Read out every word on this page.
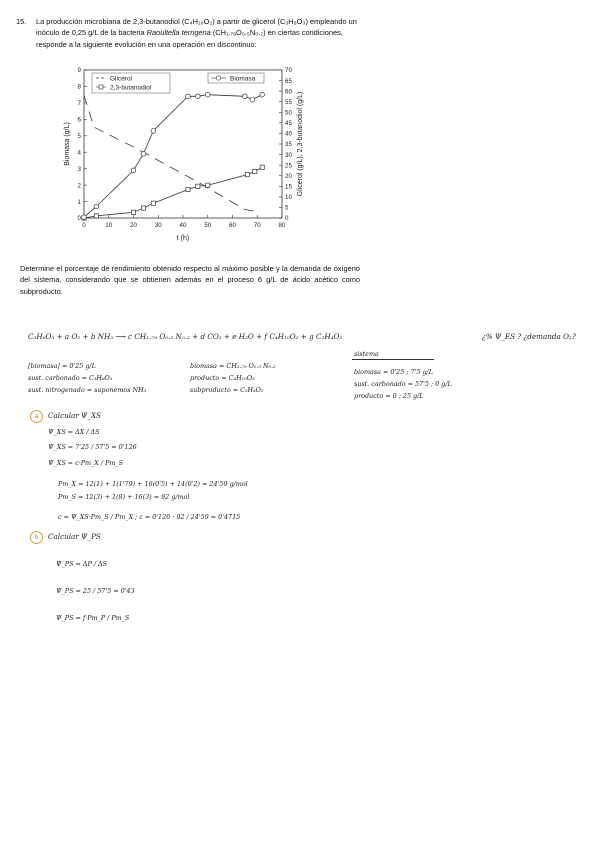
15. La producción microbiana de 2,3-butanodiol (C₄H₁₀O₂) a partir de glicerol (C₃H₈O₃) empleando un
inóculo de 0,25 g/L de la bacteria Raoultella terrigena (CH₁.₇₉O₀.₅N₀.₂) en ciertas condiciones,
responde a la siguiente evolución en una operación en discontinuo:
0	10	20	30	40	50	60	70	80
0
1
2
3
4
5
6
7
8
9
0
5
10
15
20
25
30
35
40
45
50
55
60
65
70
Glicerol
2,3-butanodiol
Biomasa
t (h)
Biomasa (g/L)	Glicerol (g/L), 2,3-butanodiol (g/L)
Determine el porcentaje de rendimiento obtenido respecto al máximo posible y la demanda de oxígeno del sistema, considerando que se obtienen además en el proceso 6 g/L de ácido acético como subproducto.
C₃H₈O₃ + a O₂ + b NH₃ ⟶ c CH₁.₇₉ O₀.₅ N₀.₂ + d CO₂ + e H₂O + f C₄H₁₀O₂ + g C₂H₄O₂	¿% Ψ_ES ? ¿demanda O₂?
[biomasa] = 0'25 g/L
sust. carbonado = C₃H₈O₃
sust. nitrogenado = suponemos NH₃
biomasa = CH₁.₇₉ O₀.₅ N₀.₂
producto = C₄H₁₀O₂
subproducto = C₂H₄O₂
sistema
biomasa = 0'25 ; 7'5 g/L
sust. carbonado = 57'5 ; 0 g/L
producto = 0 ; 25 g/L
a	Calcular Ψ_XS
Ψ_XS = ΔX / ΔS
Ψ_XS = 7'25 / 57'5 = 0'126
Ψ_XS = c·Pm_X / Pm_S
Pm_X = 12(1) + 1(1'79) + 16(0'5) + 14(0'2) = 24'59 g/mol
Pm_S = 12(3) + 1(8) + 16(3) = 92 g/mol
c = Ψ_XS·Pm_S / Pm_X ; c = 0'126 · 92 / 24'59 = 0'4715
b	Calcular Ψ_PS
Ψ_PS = ΔP / ΔS
Ψ_PS = 25 / 57'5 = 0'43
Ψ_PS = f·Pm_P / Pm_S
